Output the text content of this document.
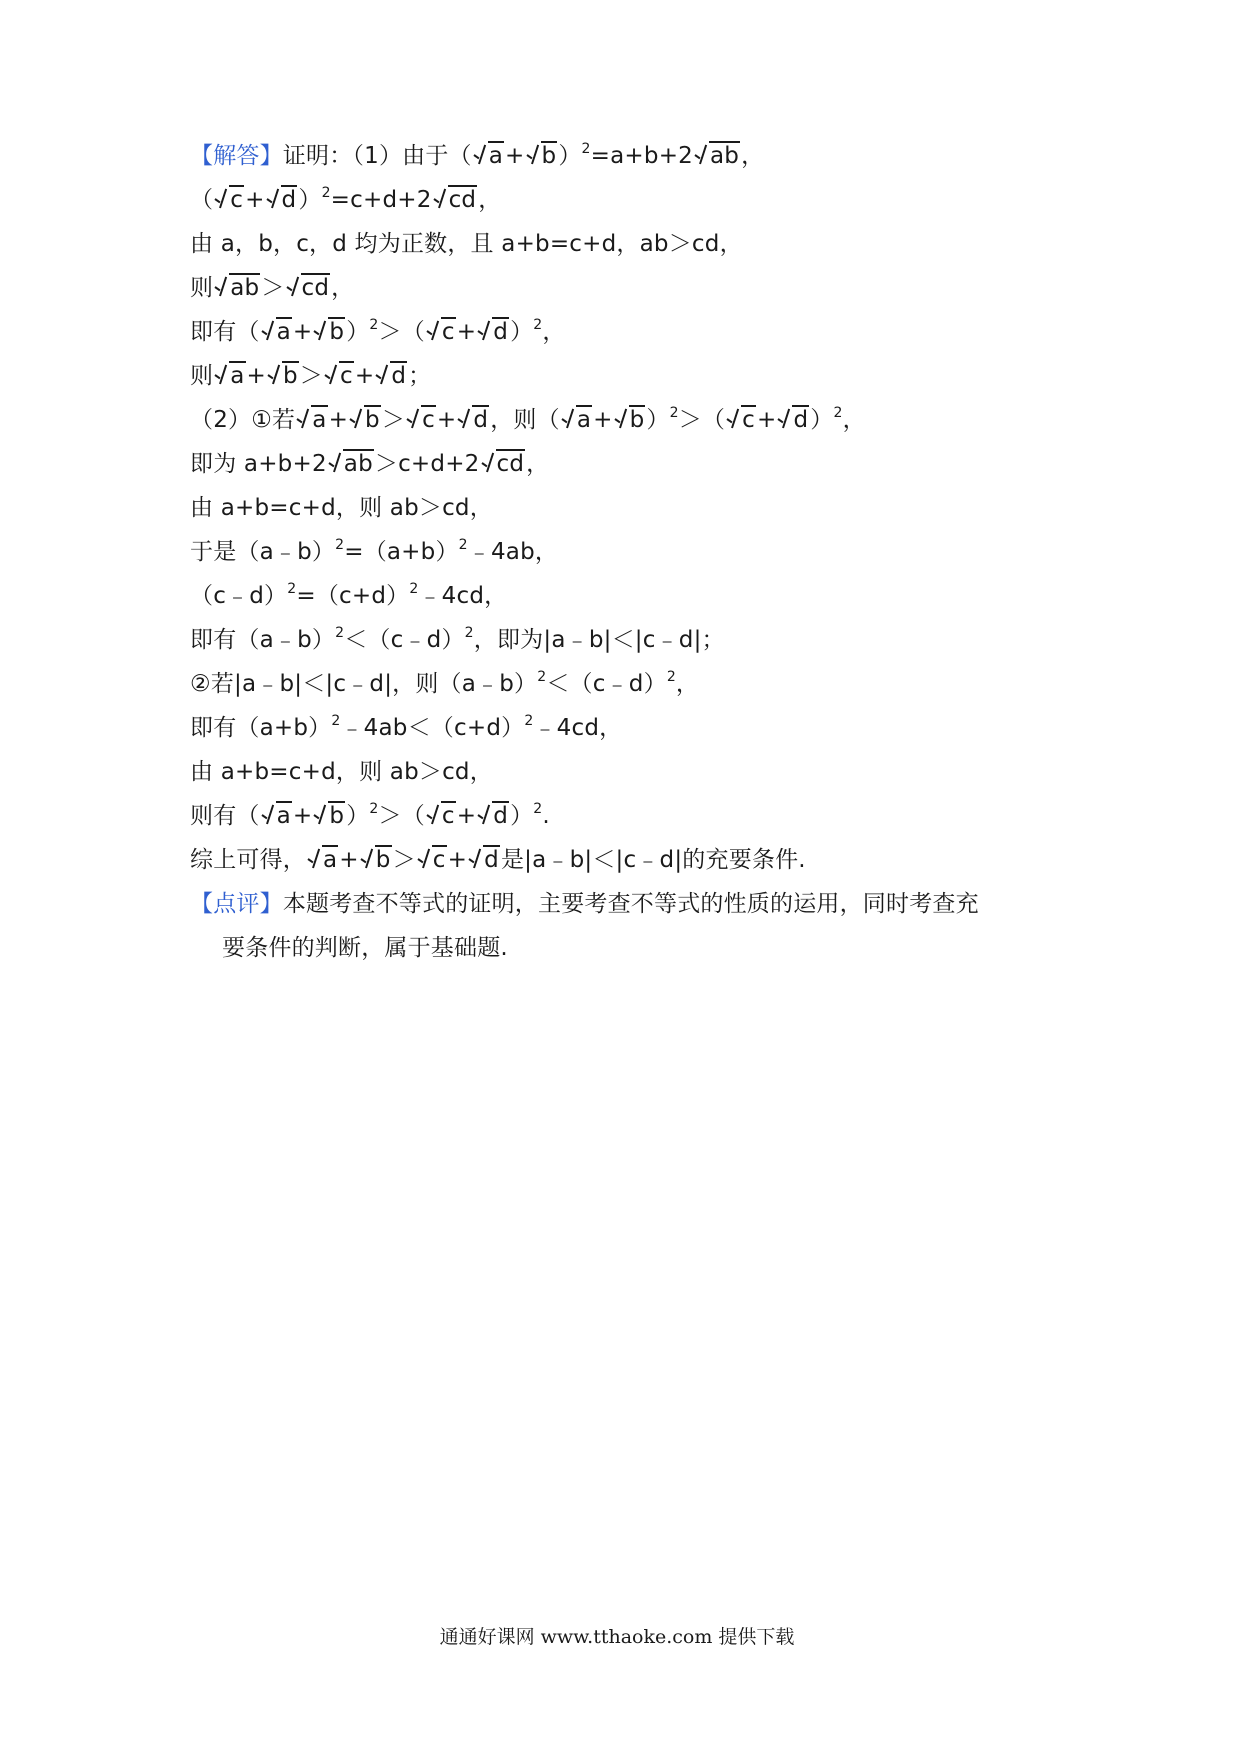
【解答】证明：（1）由于（ a+ b）$^2$=a+b+2 ab，
（ c+ d）$^2$=c+d+2 cd，
由 a，b，c，d 均为正数，且 a+b=c+d，ab＞cd，
则 ab＞ cd，
即有（ a+ b）$^2$＞（ c+ d）$^2$，
则 a+ b＞ c+ d；
（2）①若 a+ b＞ c+ d，则（ a+ b）$^2$＞（ c+ d）$^2$，
即为 a+b+2 ab＞c+d+2 cd，
由 a+b=c+d，则 ab＞cd，
于是$(a﹣b)^2=(a+b)^2﹣4ab$，
$(c﹣d)^2=(c+d)^2﹣4cd$，
即有（a﹣b）$^2$＜（c﹣d）$^2$，即为|a﹣b|＜|c﹣d|；
②若|a﹣b|＜|c﹣d|，则（a﹣b）$^2$＜（c﹣d）$^2$，
即有$(a+b)^2﹣4ab<(c+d)^2﹣4cd$，
由 a+b=c+d，则 ab＞cd，
则有（ a+ b）$^2$＞（ c+ d）$^2$.
综上可得， a+ b＞ c+ d是|a﹣b|＜|c﹣d|的充要条件.
【点评】本题考查不等式的证明，主要考查不等式的性质的运用，同时考查充
要条件的判断，属于基础题.
通通好课网 www.tthaoke.com 提供下载
